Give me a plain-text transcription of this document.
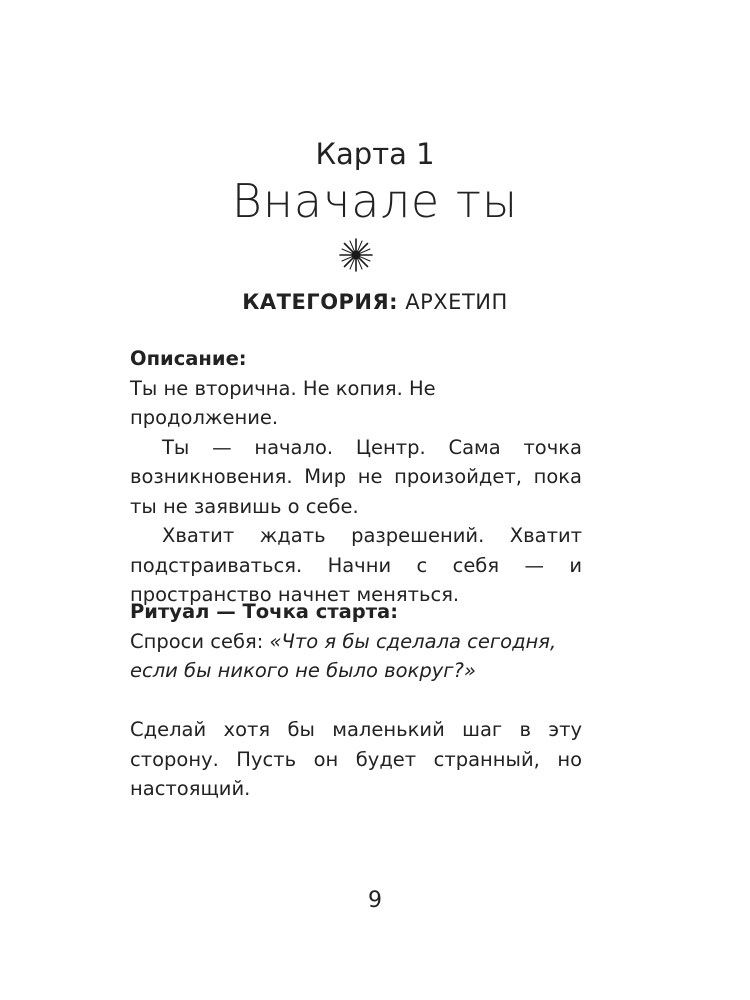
Карта 1
Вначале ты
КАТЕГОРИЯ: АРХЕТИП

Описание:

Ты не вторична. Не копия. Не продолжение.

Ты — начало. Центр. Сама точка возникновения. Мир не произойдет, пока ты не заявишь о себе.

Хватит ждать разрешений. Хватит подстраиваться. Начни с себя — и пространство начнет меняться.

Ритуал — Точка старта:

Спроси себя: «Что я бы сделала сегодня, если бы никого не было вокруг?»

Сделай хотя бы маленький шаг в эту сторону. Пусть он будет странный, но настоящий.
9
